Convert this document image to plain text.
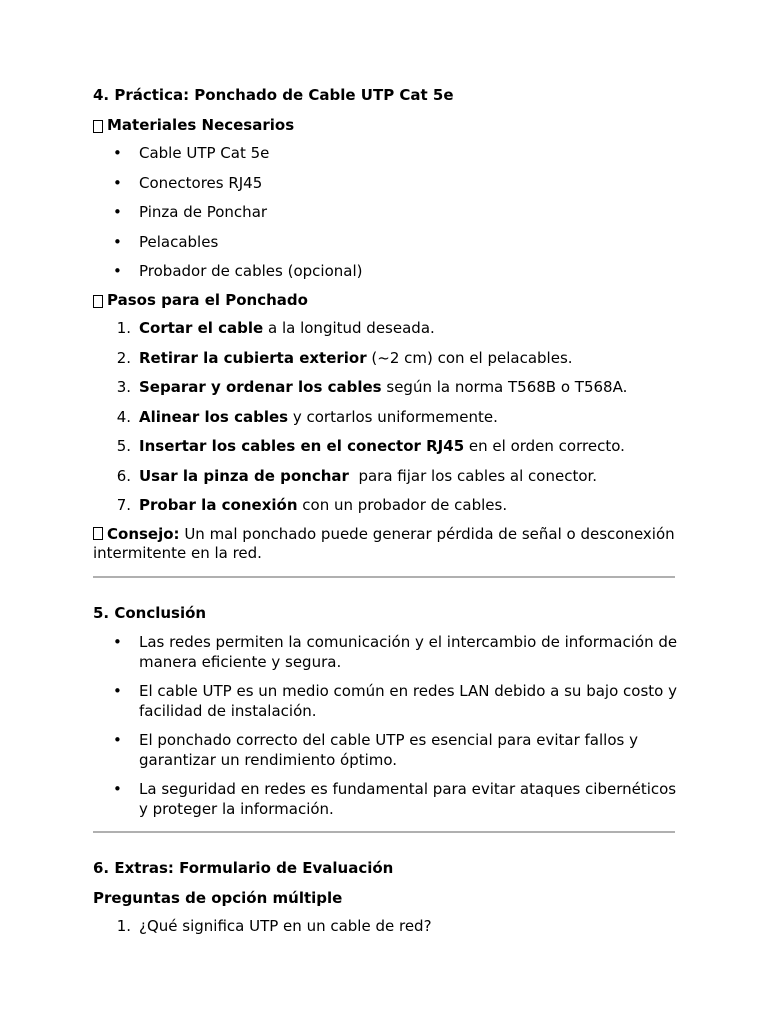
4. Práctica: Ponchado de Cable UTP Cat 5e

Materiales Necesarios

• Cable UTP Cat 5e
• Conectores RJ45
• Pinza de Ponchar
• Pelacables
• Probador de cables (opcional)

Pasos para el Ponchado

1. Cortar el cable a la longitud deseada.
2. Retirar la cubierta exterior (~2 cm) con el pelacables.
3. Separar y ordenar los cables según la norma T568B o T568A.
4. Alinear los cables y cortarlos uniformemente.
5. Insertar los cables en el conector RJ45 en el orden correcto.
6. Usar la pinza de ponchar  para fijar los cables al conector.
7. Probar la conexión con un probador de cables.

Consejo: Un mal ponchado puede generar pérdida de señal o desconexión intermitente en la red.

5. Conclusión

• Las redes permiten la comunicación y el intercambio de información de manera eficiente y segura.
• El cable UTP es un medio común en redes LAN debido a su bajo costo y facilidad de instalación.
• El ponchado correcto del cable UTP es esencial para evitar fallos y garantizar un rendimiento óptimo.
• La seguridad en redes es fundamental para evitar ataques cibernéticos y proteger la información.

6. Extras: Formulario de Evaluación

Preguntas de opción múltiple

1. ¿Qué significa UTP en un cable de red?
